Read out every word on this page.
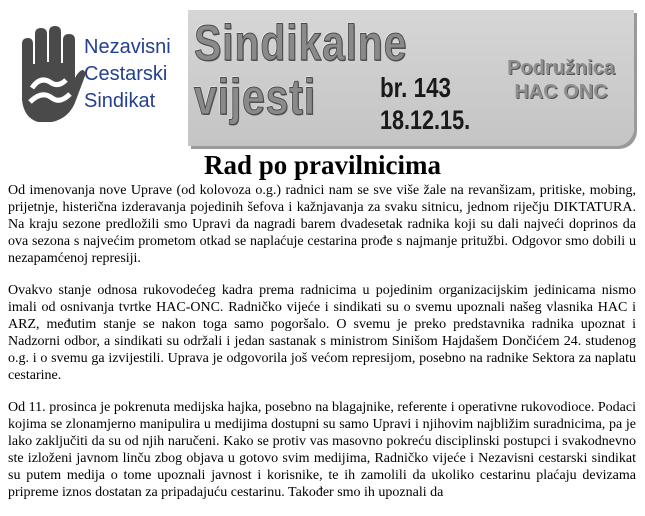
Nezavisni
Cestarski
Sindikat
Sindikalne
vijesti br. 143
18.12.15.
Podružnica
HAC ONC
Rad po pravilnicima

Od imenovanja nove Uprave (od kolovoza o.g.) radnici nam se sve više žale na revanšizam, pritiske, mobing, prijetnje, histerična izderavanja pojedinih šefova i kažnjavanja za svaku sitnicu, jednom riječju DIKTATURA. Na kraju sezone predložili smo Upravi da nagradi barem dvadesetak radnika koji su dali najveći doprinos da ova sezona s najvećim prometom otkad se naplaćuje cestarina prođe s najmanje pritužbi. Odgovor smo dobili u nezapamćenoj represiji.

Ovakvo stanje odnosa rukovodećeg kadra prema radnicima u pojedinim organizacijskim jedinicama nismo imali od osnivanja tvrtke HAC-ONC. Radničko vijeće i sindikati su o svemu upoznali našeg vlasnika HAC i ARZ, međutim stanje se nakon toga samo pogoršalo. O svemu je preko predstavnika radnika upoznat i Nadzorni odbor, a sindikati su održali i jedan sastanak s ministrom Sinišom Hajdašem Dončićem 24. studenog o.g. i o svemu ga izvijestili. Uprava je odgovorila još većom represijom, posebno na radnike Sektora za naplatu cestarine.

Od 11. prosinca je pokrenuta medijska hajka, posebno na blagajnike, referente i operativne rukovodioce. Podaci kojima se zlonamjerno manipulira u medijima dostupni su samo Upravi i njihovim najbližim suradnicima, pa je lako zaključiti da su od njih naručeni. Kako se protiv vas masovno pokreću disciplinski postupci i svakodnevno ste izloženi javnom linču zbog objava u gotovo svim medijima, Radničko vijeće i Nezavisni cestarski sindikat su putem medija o tome upoznali javnost i korisnike, te ih zamolili da ukoliko cestarinu plaćaju devizama pripreme iznos dostatan za pripadajuću cestarinu. Također smo ih upoznali da
